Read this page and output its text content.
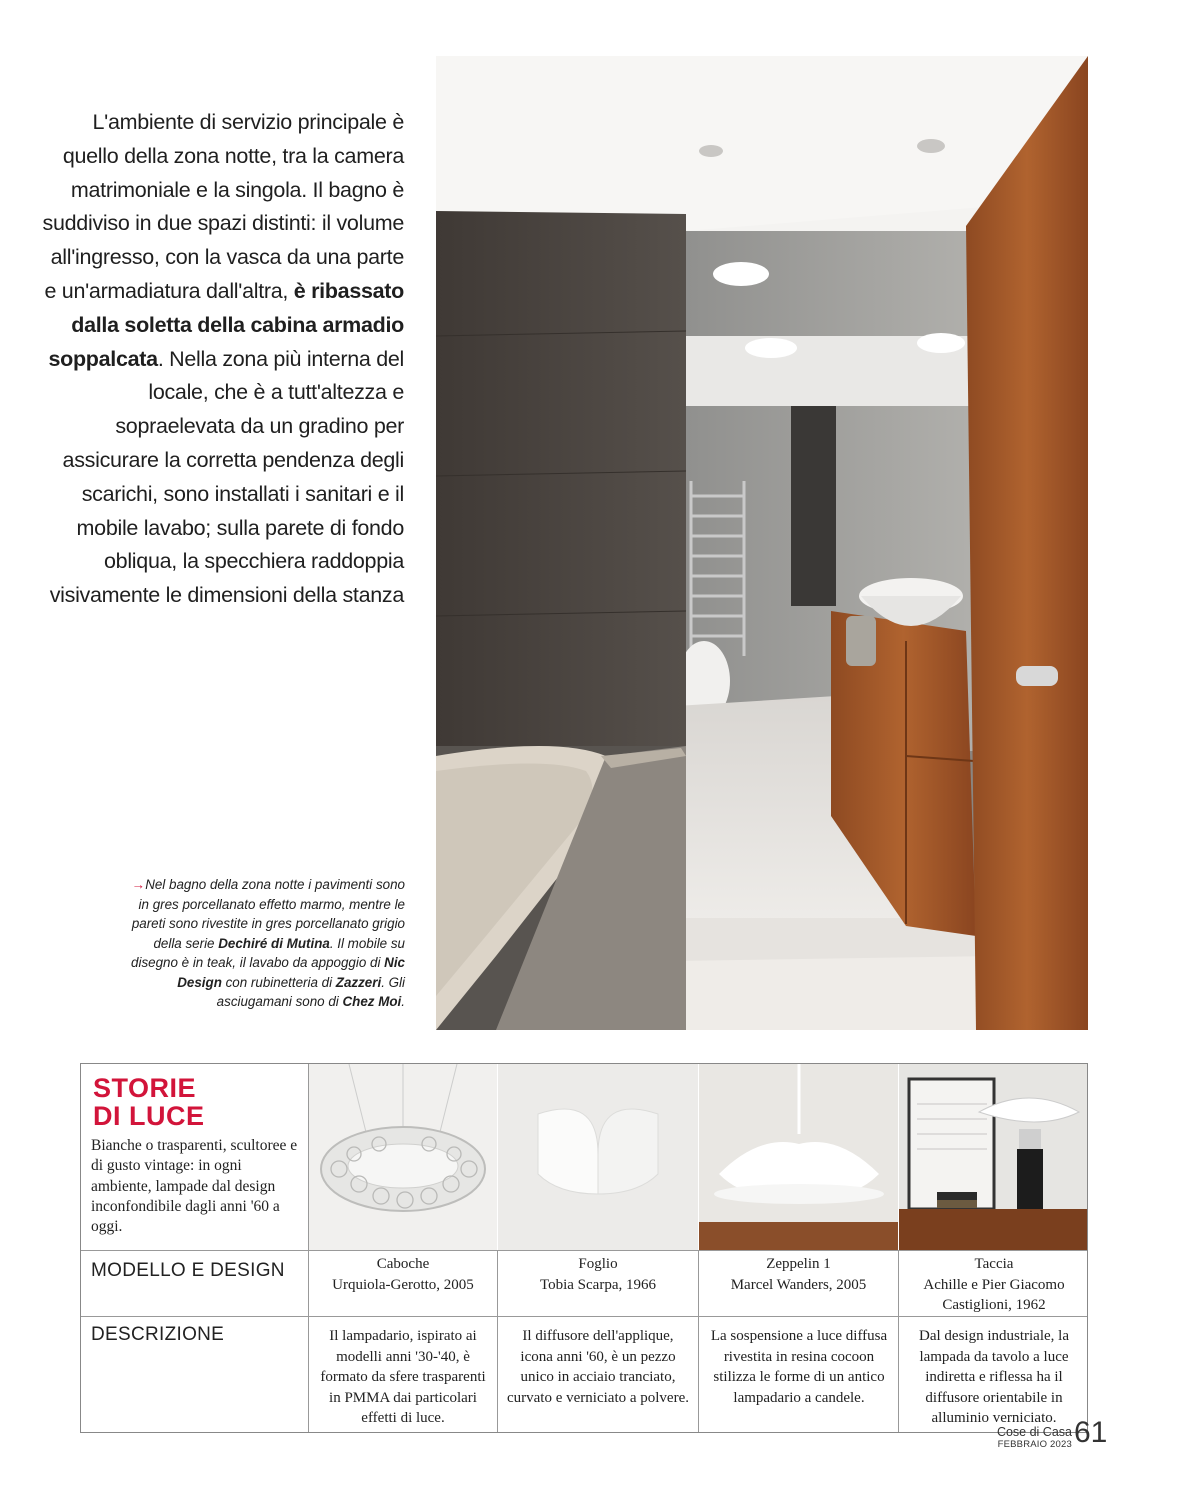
L'ambiente di servizio principale è quello della zona notte, tra la camera matrimoniale e la singola. Il bagno è suddiviso in due spazi distinti: il volume all'ingresso, con la vasca da una parte e un'armadiatura dall'altra, è ribassato dalla soletta della cabina armadio soppalcata. Nella zona più interna del locale, che è a tutt'altezza e sopraelevata da un gradino per assicurare la corretta pendenza degli scarichi, sono installati i sanitari e il mobile lavabo; sulla parete di fondo obliqua, la specchiera raddoppia visivamente le dimensioni della stanza
→Nel bagno della zona notte i pavimenti sono in gres porcellanato effetto marmo, mentre le pareti sono rivestite in gres porcellanato grigio della serie Dechiré di Mutina. Il mobile su disegno è in teak, il lavabo da appoggio di Nic Design con rubinetteria di Zazzeri. Gli asciugamani sono di Chez Moi.
STORIE
DI LUCE
Bianche o trasparenti, scultoree e di gusto vintage: in ogni ambiente, lampade dal design inconfondibile dagli anni '60 a oggi.
MODELLO E DESIGN
DESCRIZIONE
Caboche
Urquiola-Gerotto, 2005
Foglio
Tobia Scarpa, 1966
Zeppelin 1
Marcel Wanders, 2005
Taccia
Achille e Pier Giacomo Castiglioni, 1962
Il lampadario, ispirato ai modelli anni '30-'40, è formato da sfere trasparenti in PMMA dai particolari effetti di luce.
Il diffusore dell'applique, icona anni '60, è un pezzo unico in acciaio tranciato, curvato e verniciato a polvere.
La sospensione a luce diffusa rivestita in resina cocoon stilizza le forme di un antico lampadario a candele.
Dal design industriale, la lampada da tavolo a luce indiretta e riflessa ha il diffusore orientabile in alluminio verniciato.
Cose di Casa
FEBBRAIO 2023 61
